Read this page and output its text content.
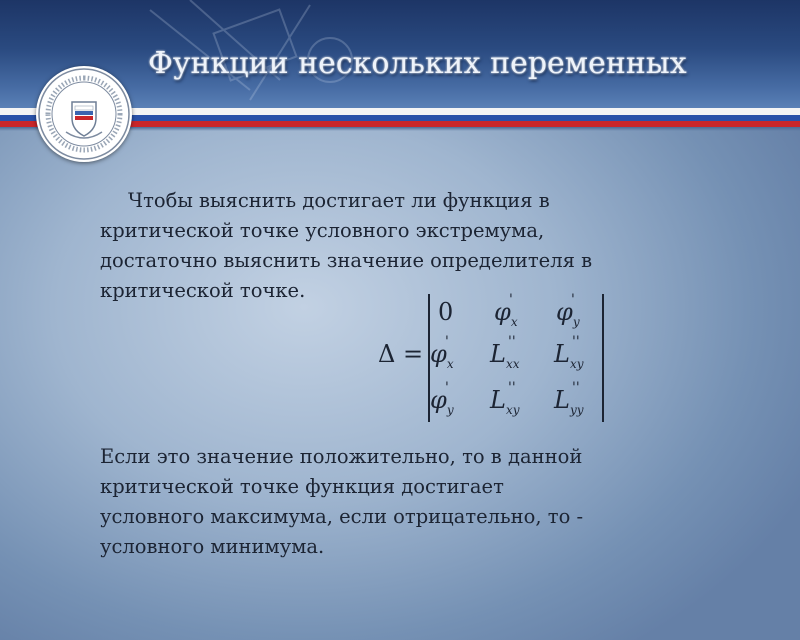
Функции нескольких переменных

Чтобы выяснить достигает ли функция в
критической точке условного экстремума,
достаточно выяснить значение определителя в
критической точке.

Δ =
0 $\varphi_x$
' $\varphi_y$
'
$\varphi_x$
' $L_{xx}$
'' $L_{xy}$
''
$\varphi_y$
' $L_{xy}$
'' $L_{yy}$
''

Если это значение положительно, то в данной
критической точке функция достигает
условного максимума, если отрицательно, то -
условного минимума.
